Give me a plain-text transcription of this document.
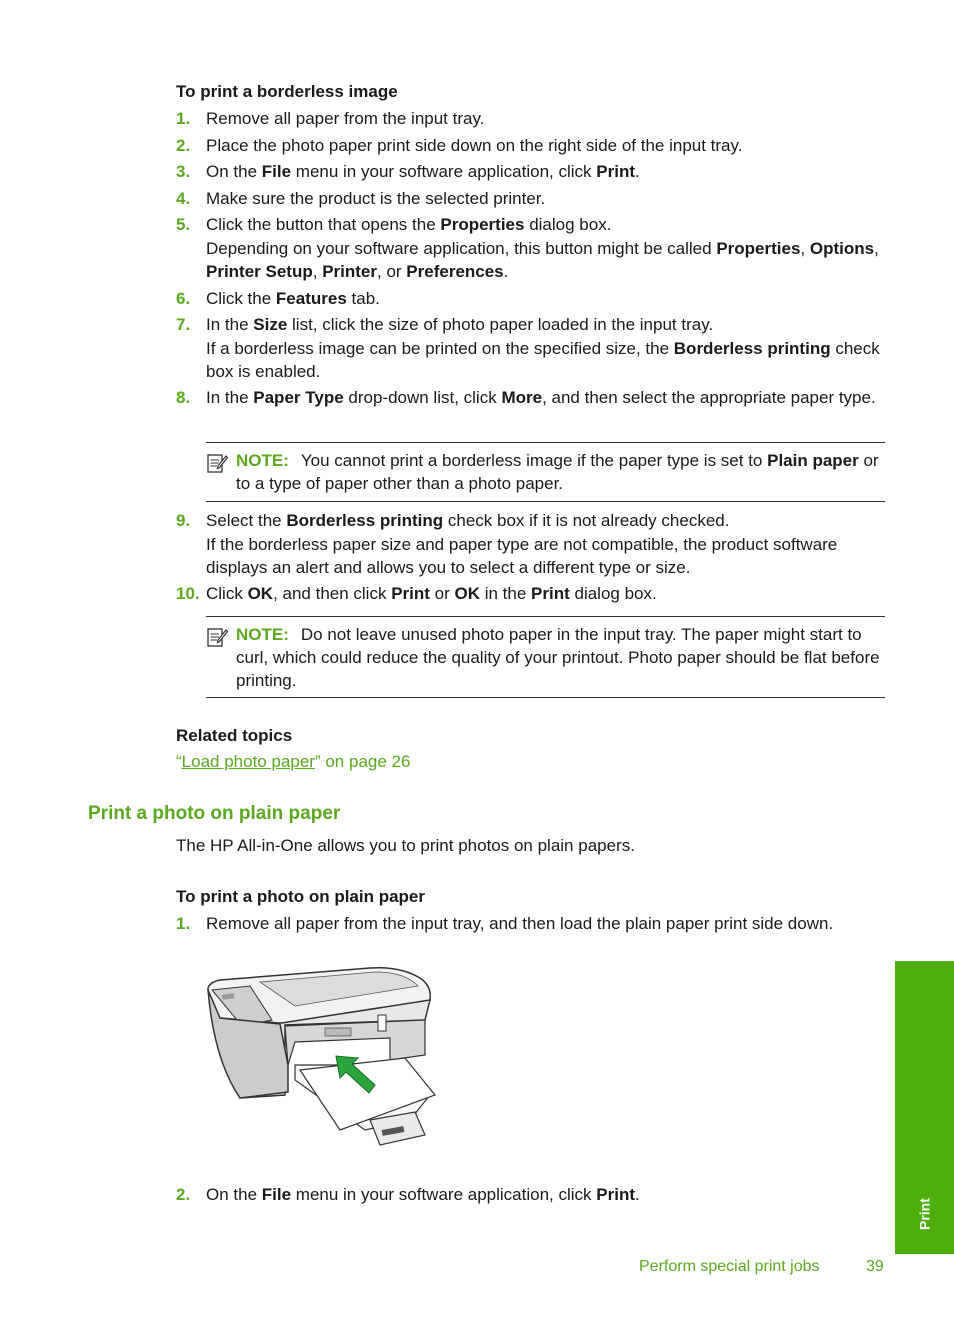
To print a borderless image
1. Remove all paper from the input tray.
2. Place the photo paper print side down on the right side of the input tray.
3. On the File menu in your software application, click Print.
4. Make sure the product is the selected printer.
5. Click the button that opens the Properties dialog box.

Depending on your software application, this button might be called Properties, Options, Printer Setup, Printer, or Preferences.

6. Click the Features tab.
7. In the Size list, click the size of photo paper loaded in the input tray.

If a borderless image can be printed on the specified size, the Borderless printing check box is enabled.

8. In the Paper Type drop-down list, click More, and then select the appropriate paper type.
NOTE: You cannot print a borderless image if the paper type is set to Plain paper or to a type of paper other than a photo paper.
9. Select the Borderless printing check box if it is not already checked.

If the borderless paper size and paper type are not compatible, the product software displays an alert and allows you to select a different type or size.

10. Click OK, and then click Print or OK in the Print dialog box.
NOTE: Do not leave unused photo paper in the input tray. The paper might start to curl, which could reduce the quality of your printout. Photo paper should be flat before printing.
Related topics
“Load photo paper” on page 26
Print a photo on plain paper
The HP All-in-One allows you to print photos on plain papers.
To print a photo on plain paper
1. Remove all paper from the input tray, and then load the plain paper print side down.
2. On the File menu in your software application, click Print.
Print
Perform special print jobs	39
